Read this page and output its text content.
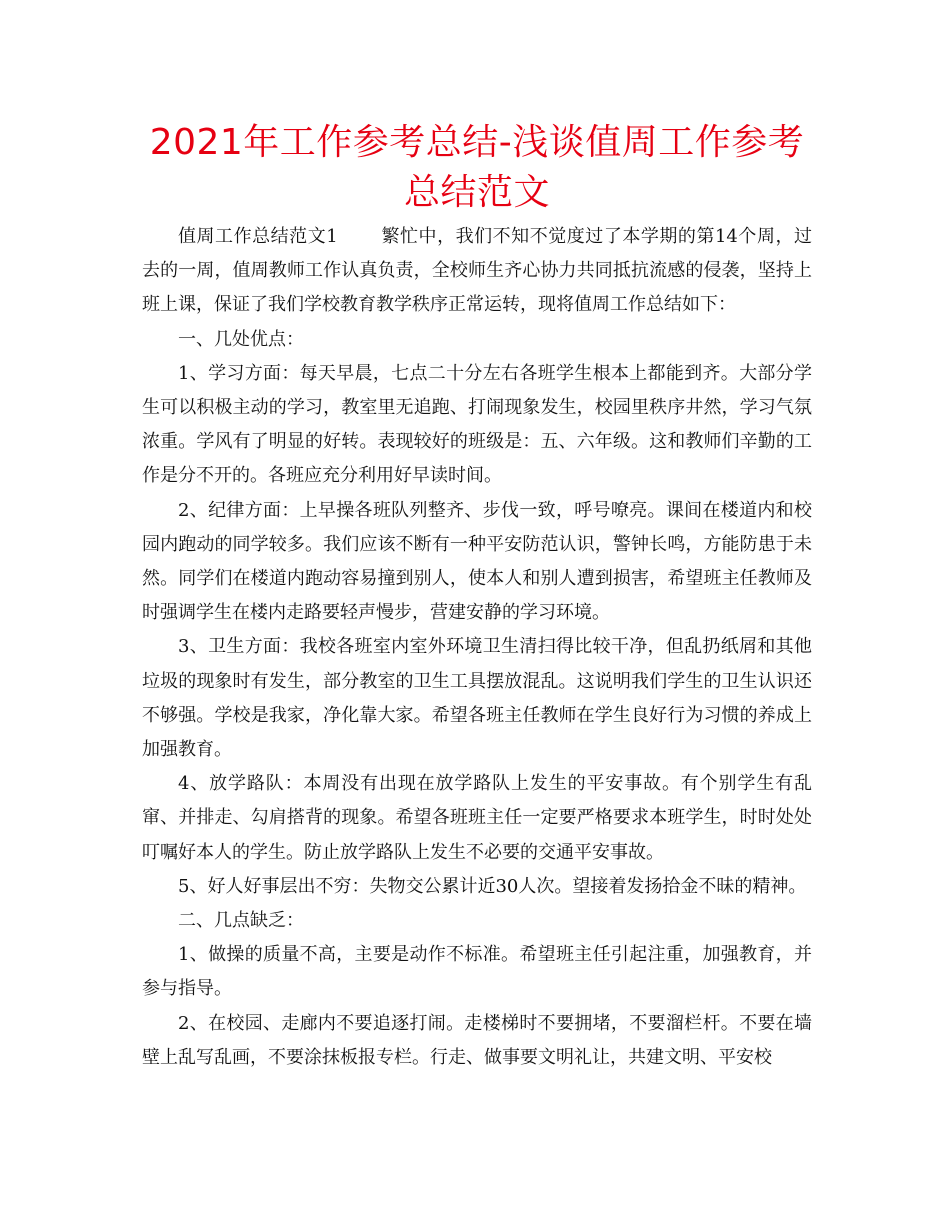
2021年工作参考总结-浅谈值周工作参考总结范文

值周工作总结范文1　　 繁忙中，我们不知不觉度过了本学期的第14个周，过去的一周，值周教师工作认真负责，全校师生齐心协力共同抵抗流感的侵袭，坚持上班上课，保证了我们学校教育教学秩序正常运转，现将值周工作总结如下：

一、几处优点：

1、学习方面：每天早晨，七点二十分左右各班学生根本上都能到齐。大部分学生可以积极主动的学习，教室里无追跑、打闹现象发生，校园里秩序井然，学习气氛浓重。学风有了明显的好转。表现较好的班级是：五、六年级。这和教师们辛勤的工作是分不开的。各班应充分利用好早读时间。

2、纪律方面：上早操各班队列整齐、步伐一致，呼号嘹亮。课间在楼道内和校园内跑动的同学较多。我们应该不断有一种平安防范认识，警钟长鸣，方能防患于未然。同学们在楼道内跑动容易撞到别人，使本人和别人遭到损害，希望班主任教师及时强调学生在楼内走路要轻声慢步，营建安静的学习环境。

3、卫生方面：我校各班室内室外环境卫生清扫得比较干净，但乱扔纸屑和其他垃圾的现象时有发生，部分教室的卫生工具摆放混乱。这说明我们学生的卫生认识还不够强。学校是我家，净化靠大家。希望各班主任教师在学生良好行为习惯的养成上加强教育。

4、放学路队：本周没有出现在放学路队上发生的平安事故。有个别学生有乱窜、并排走、勾肩搭背的现象。希望各班班主任一定要严格要求本班学生，时时处处叮嘱好本人的学生。防止放学路队上发生不必要的交通平安事故。

5、好人好事层出不穷：失物交公累计近30人次。望接着发扬拾金不昧的精神。

二、几点缺乏：

1、做操的质量不高，主要是动作不标准。希望班主任引起注重，加强教育，并参与指导。

2、在校园、走廊内不要追逐打闹。走楼梯时不要拥堵，不要溜栏杆。不要在墙壁上乱写乱画，不要涂抹板报专栏。行走、做事要文明礼让，共建文明、平安校
